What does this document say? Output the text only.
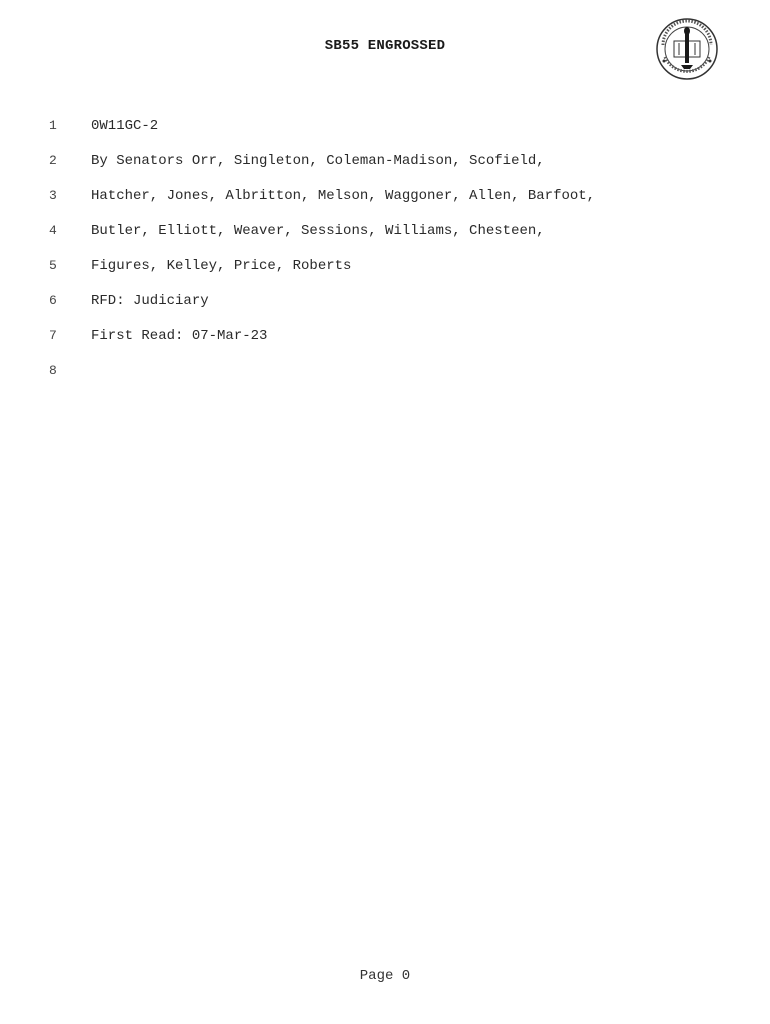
SB55 ENGROSSED
1	0W11GC-2
2	By Senators Orr, Singleton, Coleman-Madison, Scofield,
3	Hatcher, Jones, Albritton, Melson, Waggoner, Allen, Barfoot,
4	Butler, Elliott, Weaver, Sessions, Williams, Chesteen,
5	Figures, Kelley, Price, Roberts
6	RFD: Judiciary
7	First Read: 07-Mar-23
8
Page 0
